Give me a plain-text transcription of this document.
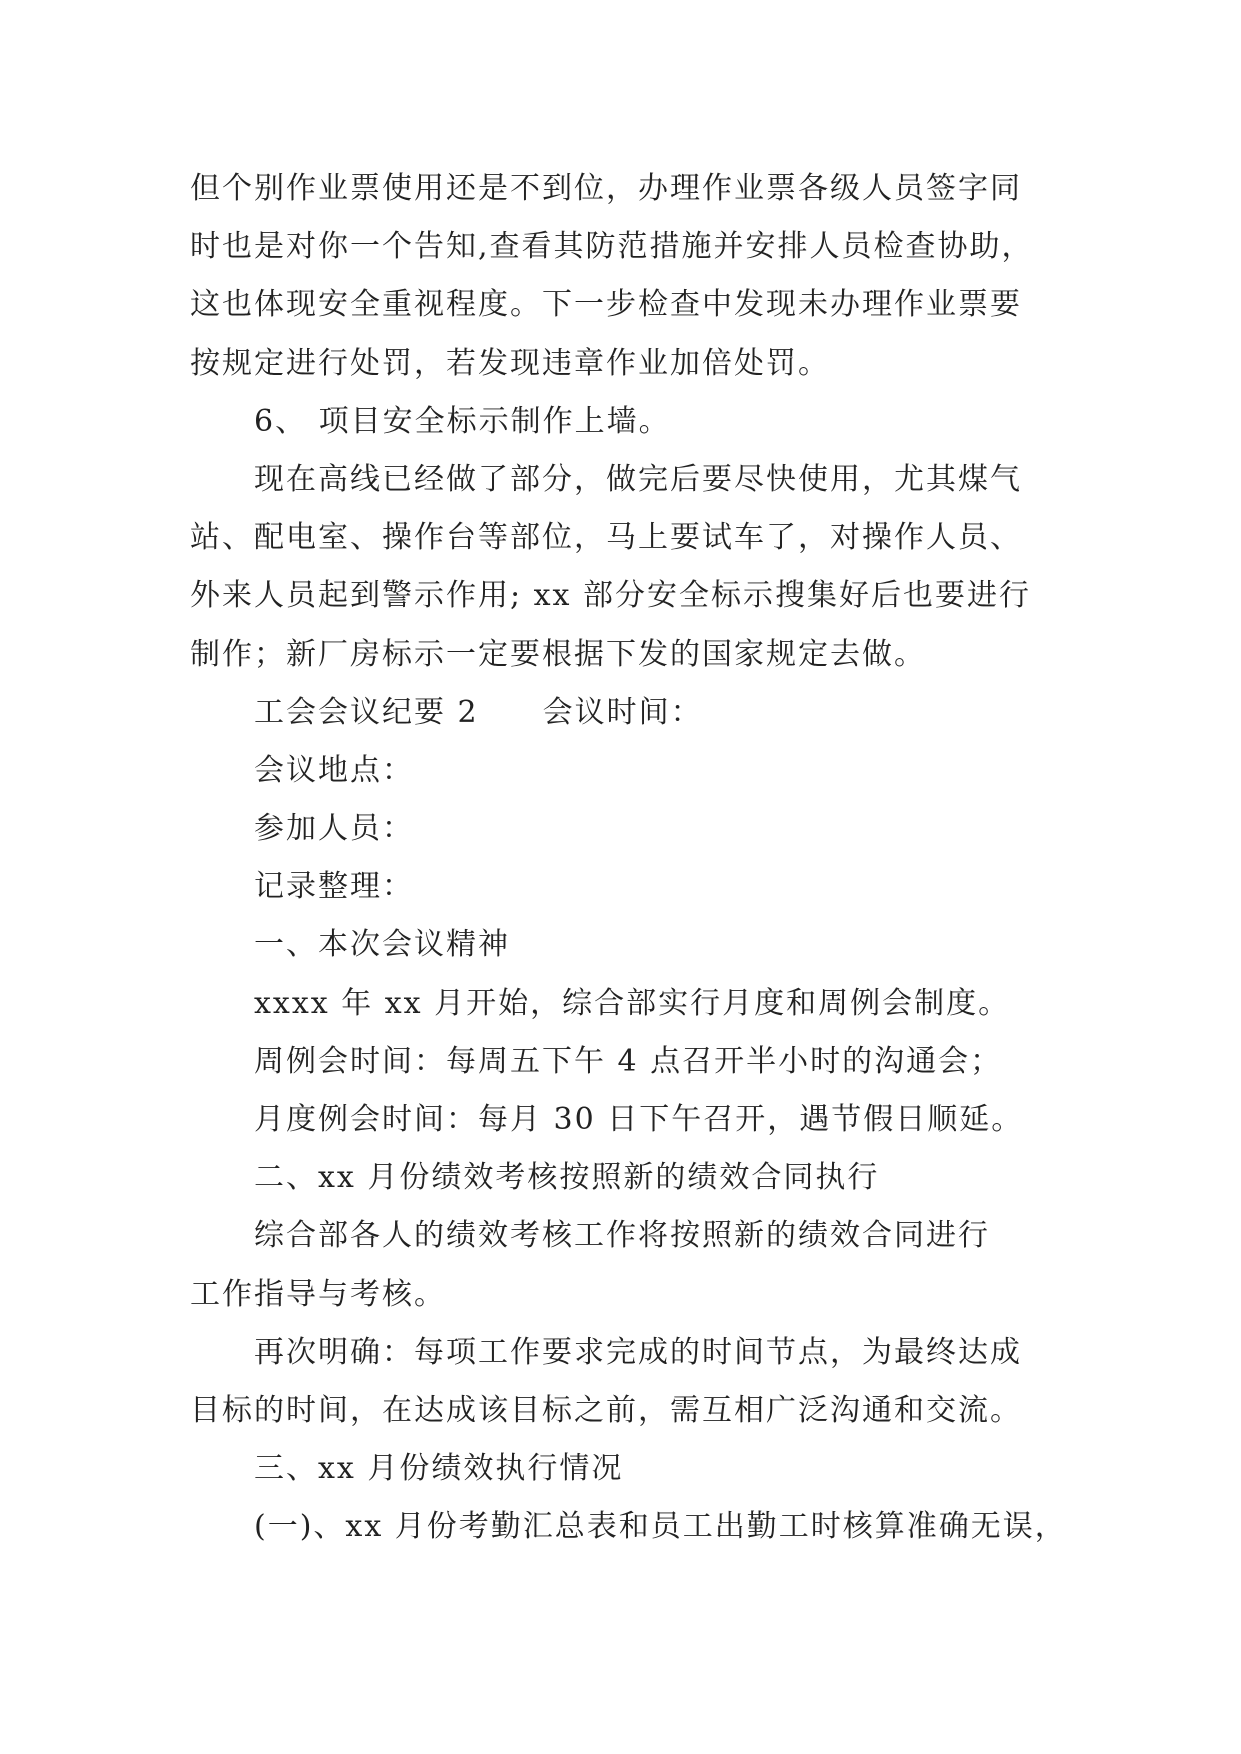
但个别作业票使用还是不到位，办理作业票各级人员签字同
时也是对你一个告知,查看其防范措施并安排人员检查协助，
这也体现安全重视程度。下一步检查中发现未办理作业票要
按规定进行处罚，若发现违章作业加倍处罚。
6、 项目安全标示制作上墙。
现在高线已经做了部分，做完后要尽快使用，尤其煤气
站、配电室、操作台等部位，马上要试车了，对操作人员、
外来人员起到警示作用; xx 部分安全标示搜集好后也要进行
制作；新厂房标示一定要根据下发的国家规定去做。
工会会议纪要 2　　会议时间：
会议地点：
参加人员：
记录整理：
一、本次会议精神
xxxx 年 xx 月开始，综合部实行月度和周例会制度。
周例会时间：每周五下午 4 点召开半小时的沟通会；
月度例会时间：每月 30 日下午召开，遇节假日顺延。
二、xx 月份绩效考核按照新的绩效合同执行
综合部各人的绩效考核工作将按照新的绩效合同进行
工作指导与考核。
再次明确：每项工作要求完成的时间节点，为最终达成
目标的时间，在达成该目标之前，需互相广泛沟通和交流。
三、xx 月份绩效执行情况
(一)、xx 月份考勤汇总表和员工出勤工时核算准确无误，
